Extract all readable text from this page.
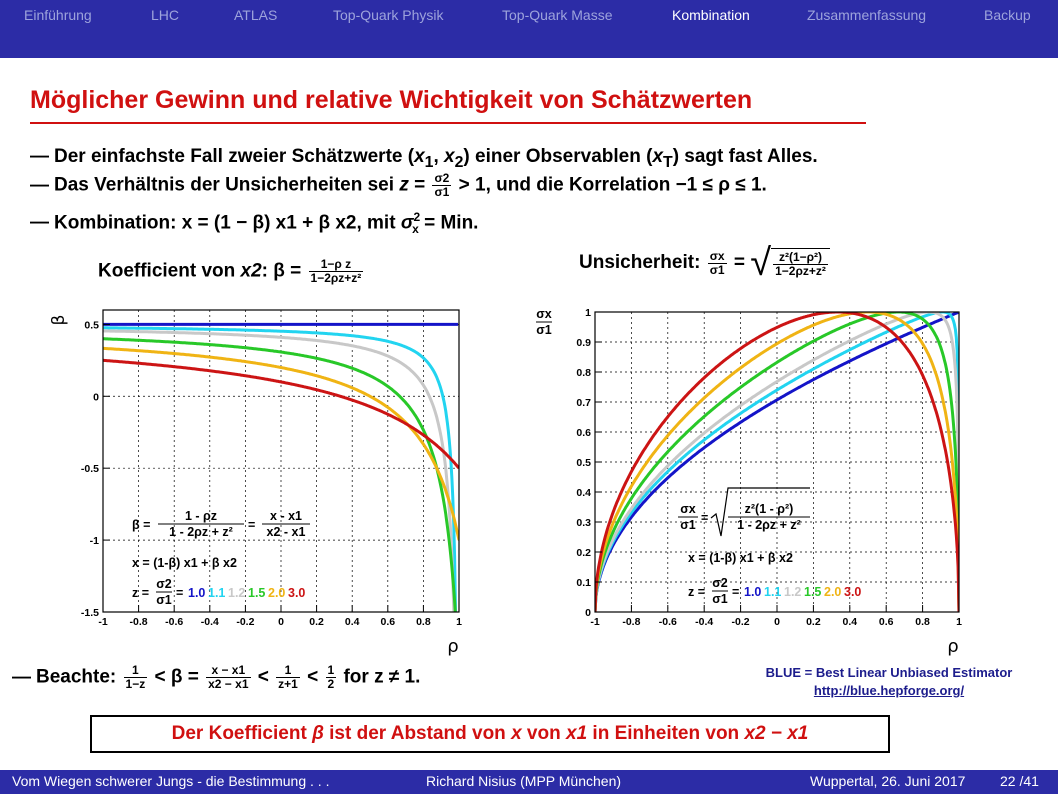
Einführung	LHC	ATLAS	Top-Quark Physik	Top-Quark Masse	Kombination	Zusammenfassung	Backup
Möglicher Gewinn und relative Wichtigkeit von Schätzwerten
— Der einfachste Fall zweier Schätzwerte ($x_1$, $x_2$) einer Observablen $(x_T)$ sagt fast Alles.
— Das Verhältnis der Unsicherheiten sei $z = \frac{\sigma 2}{\sigma 1} > 1$, und die Korrelation −1 ≤ ρ ≤ 1.
— Kombination: x = (1 − β) x1 + β x2, mit $\sigma^2_x$ = Min.
Koefficient von x2: $\beta = \frac{\text{1−ρ z}}{\text{1−2ρz+z²}}$	Unsicherheit: $\frac{\sigma x}{\sigma 1}$ = √ $\frac{\text{z²(1−ρ²)}}{\text{1−2ρz+z²}}$
-1 -0.8 -0.6 -0.4 -0.2 0 0.2 0.4 0.6 0.8 1
0.5
0
-0.5
-1
-1.5
ρ
β
β =
1 - ρz
1 - 2ρz + z² =
x - x1
x2 - x1
x = (1-β) x1 + β x2
z =
σ2
σ1 = 1.0 1.1 1.2 1.5 2.0 3.0
-1 -0.8 -0.6 -0.4 -0.2 0 0.2 0.4 0.6 0.8 1
0
0.1
0.2
0.3
0.4
0.5
0.6
0.7
0.8
0.9
1
ρ
σx
σ1
σx
σ1 =
z²(1 - ρ²)
1 - 2ρz + z²
x = (1-β) x1 + β x2
z =
σ2
σ1 = 1.0 1.1 1.2 1.5 2.0 3.0
— Beachte: $\frac{1}{1-z} < \beta = \frac{x - x1}{x2 - x1} < \frac{1}{z+1} < \frac{1}{2}$ for z ≠ 1.	BLUE = Best Linear Unbiased Estimator
http://blue.hepforge.org/
Der Koefficient β ist der Abstand von x von x1 in Einheiten von x2 − x1
Vom Wiegen schwerer Jungs - die Bestimmung . . .	Richard Nisius (MPP München)	Wuppertal, 26. Juni 2017 22 /41
